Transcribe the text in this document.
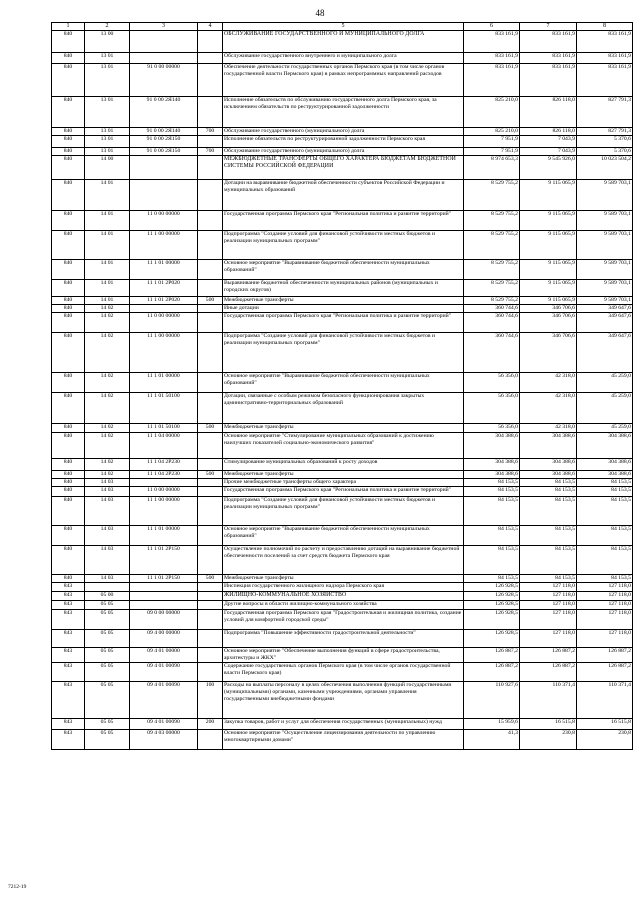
48
1	2	3	4	5	6	7	8
840	13 00			ОБСЛУЖИВАНИЕ ГОСУДАРСТВЕННОГО И МУНИЦИПАЛЬНОГО ДОЛГА	833 161,9	833 161,9	833 161,9
840	13 01			Обслуживание государственного внутреннего и муниципального долга	833 161,9	833 161,9	833 161,9
840	13 01	91 0 00 00000		Обеспечение деятельности государственных органов Пермского края (в том числе органов государственной власти Пермского края) в рамках непрограммных направлений расходов	833 161,9	833 161,9	833 161,9
840	13 01	91 0 00 2Я140		Исполнение обязательств по обслуживанию государственного долга Пермского края, за исключением обязательств по реструктурированной задолженности	825 210,0	826 118,0	827 791,3
840	13 01	91 0 00 2Я140	700	Обслуживание государственного (муниципального) долга	825 210,0	826 118,0	827 791,3
840	13 01	91 0 00 2Я150		Исполнение обязательств по реструктурированной задолженности Пермского края	7 951,9	7 043,9	5 370,6
840	13 01	91 0 00 2Я150	700	Обслуживание государственного (муниципального) долга	7 951,9	7 043,9	5 370,6
840	14 00			МЕЖБЮДЖЕТНЫЕ ТРАНСФЕРТЫ ОБЩЕГО ХАРАКТЕРА БЮДЖЕТАМ БЮДЖЕТНОЙ СИСТЕМЫ РОССИЙСКОЙ ФЕДЕРАЦИИ	8 974 653,3	9 545 926,0	10 023 504,2
840	14 01			Дотации на выравнивание бюджетной обеспеченности субъектов Российской Федерации и муниципальных образований	8 529 755,2	9 115 065,9	9 589 703,1
840	14 01	11 0 00 00000		Государственная программа Пермского края "Региональная политика и развитие территорий"	8 529 755,2	9 115 065,9	9 589 703,1
840	14 01	11 1 00 00000		Подпрограмма "Создание условий для финансовой устойчивости местных бюджетов и реализации муниципальных программ"	8 529 755,2	9 115 065,9	9 589 703,1
840	14 01	11 1 01 00000		Основное мероприятие "Выравнивание бюджетной обеспеченности муниципальных образований"	8 529 755,2	9 115 065,9	9 589 703,1
840	14 01	11 1 01 2P020		Выравнивание бюджетной обеспеченности муниципальных районов (муниципальных и городских округов)	8 529 755,2	9 115 065,9	9 589 703,1
840	14 01	11 1 01 2P020	500	Межбюджетные трансферты	8 529 755,2	9 115 065,9	9 589 703,1
840	14 02			Иные дотации	360 744,6	346 706,6	349 647,6
840	14 02	11 0 00 00000		Государственная программа Пермского края "Региональная политика и развитие территорий"	360 744,6	346 706,6	349 647,6
840	14 02	11 1 00 00000		Подпрограмма "Создание условий для финансовой устойчивости местных бюджетов и реализации муниципальных программ"	360 744,6	346 706,6	349 647,6
840	14 02	11 1 01 00000		Основное мероприятие "Выравнивание бюджетной обеспеченности муниципальных образований"	56 356,0	42 318,0	45 259,0
840	14 02	11 1 01 50100		Дотации, связанные с особым режимом безопасного функционирования закрытых административно-территориальных образований	56 356,0	42 318,0	45 259,0
840	14 02	11 1 01 50100	500	Межбюджетные трансферты	56 356,0	42 318,0	45 259,0
840	14 02	11 1 04 00000		Основное мероприятие "Стимулирование муниципальных образований к достижению наилучших показателей социально-экономического развития"	304 388,6	304 388,6	304 388,6
840	14 02	11 1 04 2P230		Стимулирование муниципальных образований к росту доходов	304 388,6	304 388,6	304 388,6
840	14 02	11 1 04 2P230	500	Межбюджетные трансферты	304 388,6	304 388,6	304 388,6
840	14 03			Прочие межбюджетные трансферты общего характера	84 153,5	84 153,5	84 153,5
840	14 03	11 0 00 00000		Государственная программа Пермского края "Региональная политика и развитие территорий"	84 153,5	84 153,5	84 153,5
840	14 03	11 1 00 00000		Подпрограмма "Создание условий для финансовой устойчивости местных бюджетов и реализации муниципальных программ"	84 153,5	84 153,5	84 153,5
840	14 03	11 1 01 00000		Основное мероприятие "Выравнивание бюджетной обеспеченности муниципальных образований"	84 153,5	84 153,5	84 153,5
840	14 03	11 1 01 2P150		Осуществление полномочий по расчету и предоставлению дотаций на выравнивание бюджетной обеспеченности поселений за счет средств бюджета Пермского края	84 153,5	84 153,5	84 153,5
840	14 03	11 1 01 2P150	500	Межбюджетные трансферты	84 153,5	84 153,5	84 153,5
843				Инспекция государственного жилищного надзора Пермского края	126 928,5	127 118,0	127 118,0
843	05 00			ЖИЛИЩНО-КОММУНАЛЬНОЕ ХОЗЯЙСТВО	126 928,5	127 118,0	127 118,0
843	05 05			Другие вопросы в области жилищно-коммунального хозяйства	126 928,5	127 118,0	127 118,0
843	05 05	09 0 00 00000		Государственная программа Пермского края "Градостроительная и жилищная политика, создание условий для комфортной городской среды"	126 928,5	127 118,0	127 118,0
843	05 05	09 4 00 00000		Подпрограмма "Повышение эффективности градостроительной деятельности"	126 928,5	127 118,0	127 118,0
843	05 05	09 4 01 00000		Основное мероприятие "Обеспечение выполнения функций в сфере градостроительства, архитектуры и ЖКХ"	126 887,2	126 887,2	126 887,2
843	05 05	09 4 01 00090		Содержание государственных органов Пермского края (в том числе органов государственной власти Пермского края)	126 887,2	126 887,2	126 887,2
843	05 05	09 4 01 00090	100	Расходы на выплаты персоналу в целях обеспечения выполнения функций государственными (муниципальными) органами, казенными учреждениями, органами управления государственными внебюджетными фондами	110 927,6	110 371,4	110 371,4
843	05 05	09 4 01 00090	200	Закупка товаров, работ и услуг для обеспечения государственных (муниципальных) нужд	15 959,6	16 515,8	16 515,8
843	05 05	09 4 03 00000		Основное мероприятие "Осуществление лицензирования деятельности по управлению многоквартирными домами"	41,3	230,8	230,8
7212-19
